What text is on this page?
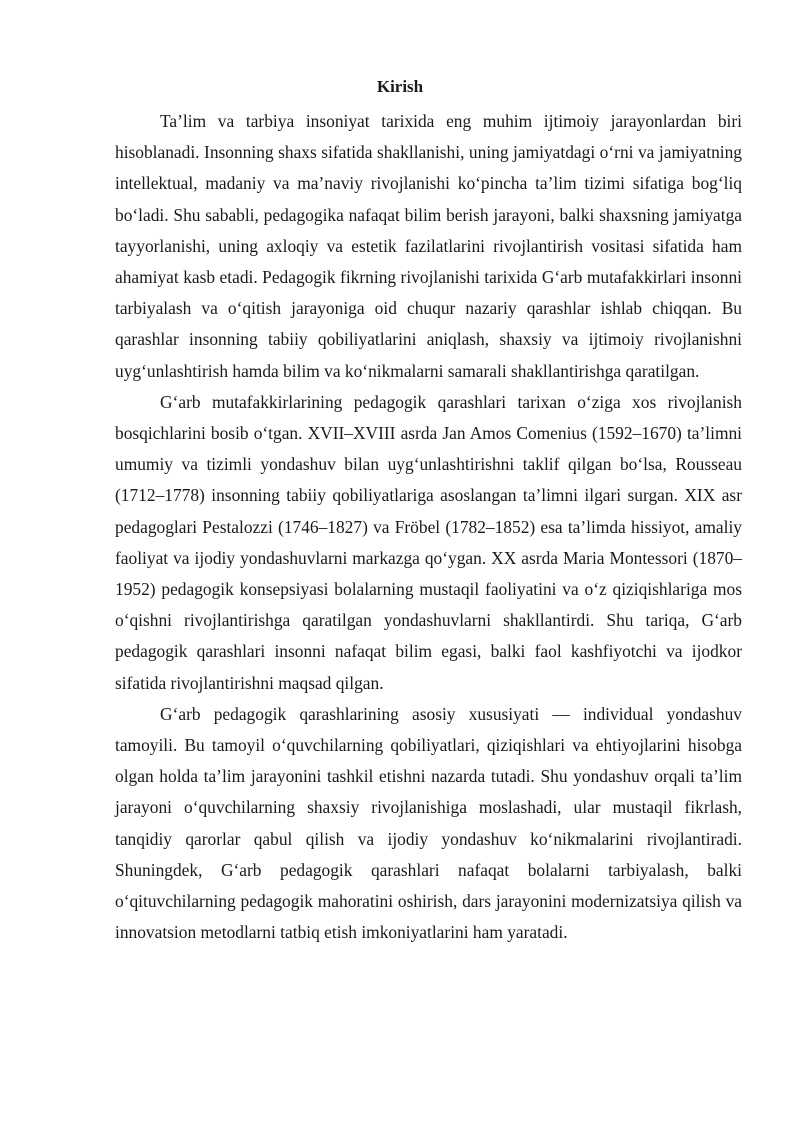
Kirish

Ta’lim va tarbiya insoniyat tarixida eng muhim ijtimoiy jarayonlardan biri hisoblanadi. Insonning shaxs sifatida shakllanishi, uning jamiyatdagi o‘rni va jamiyatning intellektual, madaniy va ma’naviy rivojlanishi ko‘pincha ta’lim tizimi sifatiga bog‘liq bo‘ladi. Shu sababli, pedagogika nafaqat bilim berish jarayoni, balki shaxsning jamiyatga tayyorlanishi, uning axloqiy va estetik fazilatlarini rivojlantirish vositasi sifatida ham ahamiyat kasb etadi. Pedagogik fikrning rivojlanishi tarixida G‘arb mutafakkirlari insonni tarbiyalash va o‘qitish jarayoniga oid chuqur nazariy qarashlar ishlab chiqqan. Bu qarashlar insonning tabiiy qobiliyatlarini aniqlash, shaxsiy va ijtimoiy rivojlanishni uyg‘unlashtirish hamda bilim va ko‘nikmalarni samarali shakllantirishga qaratilgan.

G‘arb mutafakkirlarining pedagogik qarashlari tarixan o‘ziga xos rivojlanish bosqichlarini bosib o‘tgan. XVII–XVIII asrda Jan Amos Comenius (1592–1670) ta’limni umumiy va tizimli yondashuv bilan uyg‘unlashtirishni taklif qilgan bo‘lsa, Rousseau (1712–1778) insonning tabiiy qobiliyatlariga asoslangan ta’limni ilgari surgan. XIX asr pedagoglari Pestalozzi (1746–1827) va Fröbel (1782–1852) esa ta’limda hissiyot, amaliy faoliyat va ijodiy yondashuvlarni markazga qo‘ygan. XX asrda Maria Montessori (1870–1952) pedagogik konsepsiyasi bolalarning mustaqil faoliyatini va o‘z qiziqishlariga mos o‘qishni rivojlantirishga qaratilgan yondashuvlarni shakllantirdi. Shu tariqa, G‘arb pedagogik qarashlari insonni nafaqat bilim egasi, balki faol kashfiyotchi va ijodkor sifatida rivojlantirishni maqsad qilgan.

G‘arb pedagogik qarashlarining asosiy xususiyati — individual yondashuv tamoyili. Bu tamoyil o‘quvchilarning qobiliyatlari, qiziqishlari va ehtiyojlarini hisobga olgan holda ta’lim jarayonini tashkil etishni nazarda tutadi. Shu yondashuv orqali ta’lim jarayoni o‘quvchilarning shaxsiy rivojlanishiga moslashadi, ular mustaqil fikrlash, tanqidiy qarorlar qabul qilish va ijodiy yondashuv ko‘nikmalarini rivojlantiradi. Shuningdek, G‘arb pedagogik qarashlari nafaqat bolalarni tarbiyalash, balki o‘qituvchilarning pedagogik mahoratini oshirish, dars jarayonini modernizatsiya qilish va innovatsion metodlarni tatbiq etish imkoniyatlarini ham yaratadi.
